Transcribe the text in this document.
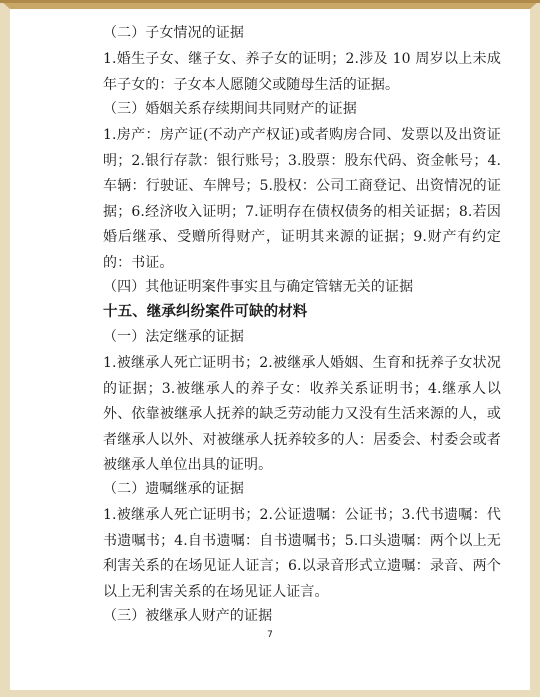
（二）子女情况的证据

1.婚生子女、继子女、养子女的证明；2.涉及 10 周岁以上未成年子女的：子女本人愿随父或随母生活的证据。

（三）婚姻关系存续期间共同财产的证据

1.房产：房产证(不动产产权证)或者购房合同、发票以及出资证明；2.银行存款：银行账号；3.股票：股东代码、资金帐号；4.车辆：行驶证、车牌号；5.股权：公司工商登记、出资情况的证据；6.经济收入证明；7.证明存在债权债务的相关证据；8.若因婚后继承、受赠所得财产，证明其来源的证据；9.财产有约定的：书证。

（四）其他证明案件事实且与确定管辖无关的证据

十五、继承纠纷案件可缺的材料

（一）法定继承的证据

1.被继承人死亡证明书；2.被继承人婚姻、生育和抚养子女状况的证据；3.被继承人的养子女：收养关系证明书；4.继承人以外、依靠被继承人抚养的缺乏劳动能力又没有生活来源的人，或者继承人以外、对被继承人抚养较多的人：居委会、村委会或者被继承人单位出具的证明。

（二）遗嘱继承的证据

1.被继承人死亡证明书；2.公证遗嘱：公证书；3.代书遗嘱：代书遗嘱书；4.自书遗嘱：自书遗嘱书；5.口头遗嘱：两个以上无利害关系的在场见证人证言；6.以录音形式立遗嘱：录音、两个以上无利害关系的在场见证人证言。

（三）被继承人财产的证据

7
